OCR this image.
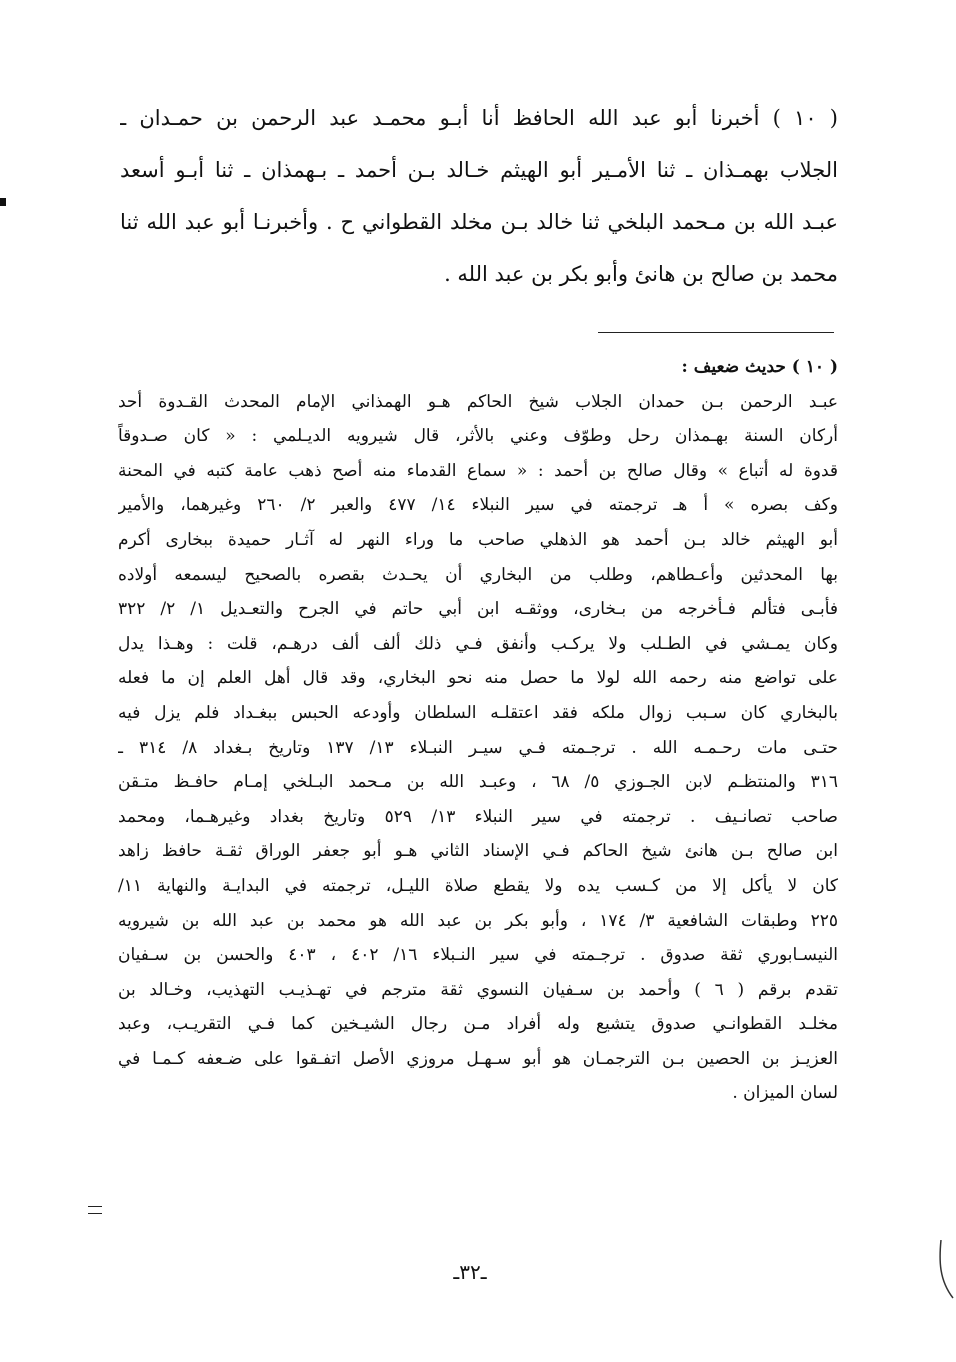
( ١٠ ) أخبرنا أبو عبد الله الحافظ أنا أبـو محمـد عبد الرحمن بن حمـدان ـ
الجلاب بهمـذان ـ ثنا الأمـير أبو الهيثم خـالد بـن أحمد ـ بـهمذان ـ ثنا أبـو أسعد
عبـد الله بن مـحمد البلخي ثنا خالد بـن مخلد القطواني ح . وأخبرنـا أبو عبد الله ثنا
محمد بن صالح بن هانئ وأبو بكر بن عبد الله .
( ١٠ ) حديث ضعيف :
عبـد الرحمن بـن حمدان الجلاب شيخ الحاكم هـو الهمذاني الإمام المحدث القـدوة أحد
أركان السنة بهـمذان رحل وطوّف وعني بالأثر، قال شيرويه الديـلمي : « كان صـدوقاً
قدوة له أتباع » وقال صالح بن أحمد : « سماع القدماء منه أصح ذهب عامة كتبه في المحنة
وكف بصره » أ هـ ترجمته في سير النبلاء ١٤/ ٤٧٧ والعبر ٢/ ٢٦٠ وغيرهما، والأمير
أبو الهيثم خالد بـن أحمد هو الذهلي صاحب ما وراء النهر له آثـار حميدة ببخارى أكرم
بها المحدثين وأعـطاهم، وطلب من البخاري أن يحـدث بقصره بالصحيح ليسمعه أولاده
فأبـى فتألم فـأخرجه من بـخارى، ووثقـه ابن أبي حاتم في الجرح والتعـديل ١/ ٢/ ٣٢٢
وكان يمـشي في الطـلب ولا يركـب وأنفق فـي ذلك ألف ألف درهـم، قلت : وهـذا يدل
على تواضع منه رحمه الله لولا ما حصل منه نحو البخاري، وقد قال أهل العلم إن ما فعله
بالبخاري كان سـبب زوال ملكه فقد اعتقلـه السلطان وأودعه الحبس ببغـداد فلم يزل فيه
حتـى مات رحـمـه الله . ترجـمته فـي سيـر النبـلاء ١٣/ ١٣٧ وتاريخ بـغداد ٨/ ٣١٤ ـ
٣١٦ والمنتظـم لابن الجـوزي ٥/ ٦٨ ، وعبـد الله بن مـحمد البـلخي إمـام حافـظ متـقن
صاحب تصانـيف . ترجمته في سير النبلاء ١٣/ ٥٢٩ وتاريخ بغداد وغيرهـما، ومحمد
ابن صالح بـن هانئ شيخ الحاكم فـي الإسناد الثاني هـو أبو جعفر الوراق ثقـة حافظ زاهد
كان لا يأكل إلا من كـسب يده ولا يقطع صلاة الليـل، ترجمته في البدايـة والنهاية ١١/
٢٢٥ وطبقات الشافعية ٣/ ١٧٤ ، وأبو بكر بن عبد الله هو محمد بن عبد الله بن شيرويه
النيسـابوري ثقة صدوق . ترجـمته في سير النـبلاء ١٦/ ٤٠٢ ، ٤٠٣ والحسن بن سـفيان
تقدم برقم ( ٦ ) وأحمد بن سـفيان النسوي ثقة مترجم في تهـذيـب التهذيب، وخـالد بن
مخلـد القطوانـي صدوق يتشيع وله أفراد مـن رجال الشيـخين كما فـي التقريـب، وعبد
العزيـز بن الحصين بـن الترجمـان هو أبو سـهـل مروزي الأصل اتفـقوا على ضـعفه كـمـا في
لسان الميزان .
ـ٣٢ـ
